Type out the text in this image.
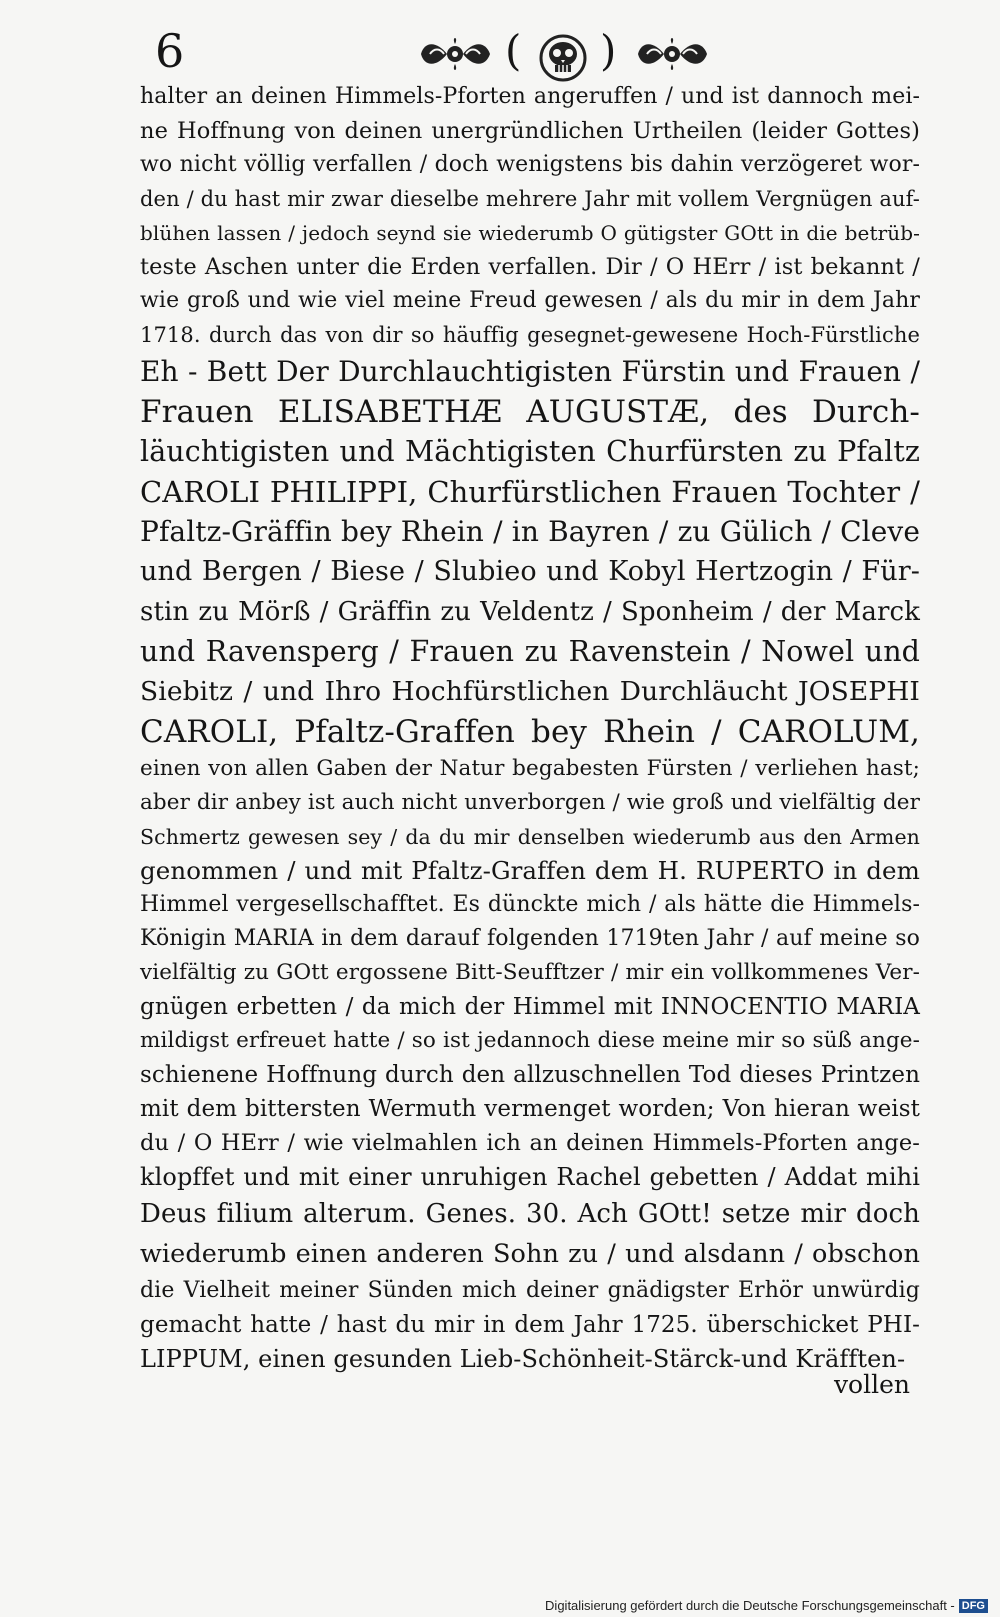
6	( )
halter an deinen Himmels-Pforten angeruffen / und ist dannoch mei-
ne Hoffnung von deinen unergründlichen Urtheilen (leider Gottes)
wo nicht völlig verfallen / doch wenigstens bis dahin verzögeret wor-
den / du hast mir zwar dieselbe mehrere Jahr mit vollem Vergnügen auf-
blühen lassen / jedoch seynd sie wiederumb O gütigster GOtt in die betrüb-
teste Aschen unter die Erden verfallen. Dir / O HErr / ist bekannt /
wie groß und wie viel meine Freud gewesen / als du mir in dem Jahr
1718. durch das von dir so häuffig gesegnet-gewesene Hoch-Fürstliche
Eh - Bett Der Durchlauchtigisten Fürstin und Frauen /
Frauen ELISABETHÆ AUGUSTÆ, des Durch-
läuchtigisten und Mächtigisten Churfürsten zu Pfaltz
CAROLI PHILIPPI, Churfürstlichen Frauen Tochter /
Pfaltz-Gräffin bey Rhein / in Bayren / zu Gülich / Cleve
und Bergen / Biese / Slubieo und Kobyl Hertzogin / Für-
stin zu Mörß / Gräffin zu Veldentz / Sponheim / der Marck
und Ravensperg / Frauen zu Ravenstein / Nowel und
Siebitz / und Ihro Hochfürstlichen Durchläucht JOSEPHI
CAROLI, Pfaltz-Graffen bey Rhein / CAROLUM,
einen von allen Gaben der Natur begabesten Fürsten / verliehen hast;
aber dir anbey ist auch nicht unverborgen / wie groß und vielfältig der
Schmertz gewesen sey / da du mir denselben wiederumb aus den Armen
genommen / und mit Pfaltz-Graffen dem H. RUPERTO in dem
Himmel vergesellschafftet. Es dünckte mich / als hätte die Himmels-
Königin MARIA in dem darauf folgenden 1719ten Jahr / auf meine so
vielfältig zu GOtt ergossene Bitt-Seufftzer / mir ein vollkommenes Ver-
gnügen erbetten / da mich der Himmel mit INNOCENTIO MARIA
mildigst erfreuet hatte / so ist jedannoch diese meine mir so süß ange-
schienene Hoffnung durch den allzuschnellen Tod dieses Printzen
mit dem bittersten Wermuth vermenget worden; Von hieran weist
du / O HErr / wie vielmahlen ich an deinen Himmels-Pforten ange-
klopffet und mit einer unruhigen Rachel gebetten / Addat mihi
Deus filium alterum. Genes. 30. Ach GOtt! setze mir doch
wiederumb einen anderen Sohn zu / und alsdann / obschon
die Vielheit meiner Sünden mich deiner gnädigster Erhör unwürdig
gemacht hatte / hast du mir in dem Jahr 1725. überschicket PHI-
LIPPUM, einen gesunden Lieb-Schönheit-Stärck-und Kräfften-
vollen
Digitalisierung gefördert durch die Deutsche Forschungsgemeinschaft - DFG
